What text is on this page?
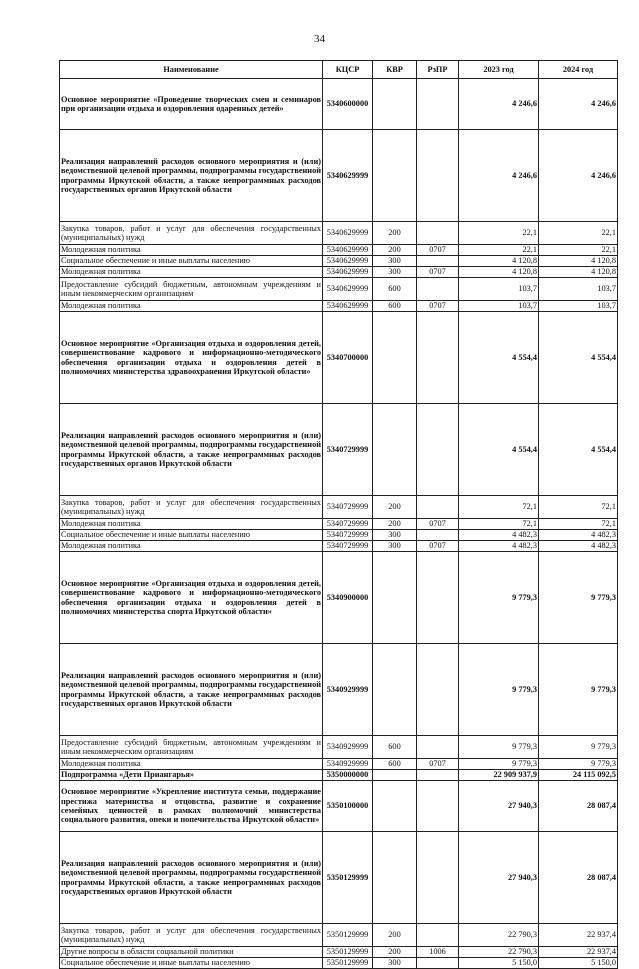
34
Наименование	КЦСР	КВР	РзПР	2023 год	2024 год
Основное мероприятие «Проведение творческих смен и семинаров при организации отдыха и оздоровления одаренных детей»	5340600000			4 246,6	4 246,6
Реализация направлений расходов основного мероприятия и (или) ведомственной целевой программы, подпрограммы государственной программы Иркутской области, а также непрограммных расходов государственных органов Иркутской области	5340629999			4 246,6	4 246,6
Закупка товаров, работ и услуг для обеспечения государственных (муниципальных) нужд	5340629999	200		22,1	22,1
Молодежная политика	5340629999	200	0707	22,1	22,1
Социальное обеспечение и иные выплаты населению	5340629999	300		4 120,8	4 120,8
Молодежная политика	5340629999	300	0707	4 120,8	4 120,8
Предоставление субсидий бюджетным, автономным учреждениям и иным некоммерческим организациям	5340629999	600		103,7	103,7
Молодежная политика	5340629999	600	0707	103,7	103,7
Основное мероприятие «Организация отдыха и оздоровления детей, совершенствование кадрового и информационно-методического обеспечения организации отдыха и оздоровления детей в полномочиях министерства здравоохранения Иркутской области»	5340700000			4 554,4	4 554,4
Реализация направлений расходов основного мероприятия и (или) ведомственной целевой программы, подпрограммы государственной программы Иркутской области, а также непрограммных расходов государственных органов Иркутской области	5340729999			4 554,4	4 554,4
Закупка товаров, работ и услуг для обеспечения государственных (муниципальных) нужд	5340729999	200		72,1	72,1
Молодежная политика	5340729999	200	0707	72,1	72,1
Социальное обеспечение и иные выплаты населению	5340729999	300		4 482,3	4 482,3
Молодежная политика	5340729999	300	0707	4 482,3	4 482,3
Основное мероприятие «Организация отдыха и оздоровления детей, совершенствование кадрового и информационно-методического обеспечения организации отдыха и оздоровления детей в полномочиях министерства спорта Иркутской области»	5340900000			9 779,3	9 779,3
Реализация направлений расходов основного мероприятия и (или) ведомственной целевой программы, подпрограммы государственной программы Иркутской области, а также непрограммных расходов государственных органов Иркутской области	5340929999			9 779,3	9 779,3
Предоставление субсидий бюджетным, автономным учреждениям и иным некоммерческим организациям	5340929999	600		9 779,3	9 779,3
Молодежная политика	5340929999	600	0707	9 779,3	9 779,3
Подпрограмма «Дети Приангарья»	5350000000			22 909 937,9	24 115 092,5
Основное мероприятие «Укрепление института семьи, поддержание престижа материнства и отцовства, развитие и сохранение семейных ценностей в рамках полномочий министерства социального развития, опеки и попечительства Иркутской области»	5350100000			27 940,3	28 087,4
Реализация направлений расходов основного мероприятия и (или) ведомственной целевой программы, подпрограммы государственной программы Иркутской области, а также непрограммных расходов государственных органов Иркутской области	5350129999			27 940,3	28 087,4
Закупка товаров, работ и услуг для обеспечения государственных (муниципальных) нужд	5350129999	200		22 790,3	22 937,4
Другие вопросы в области социальной политики	5350129999	200	1006	22 790,3	22 937,4
Социальное обеспечение и иные выплаты населению	5350129999	300		5 150,0	5 150,0
